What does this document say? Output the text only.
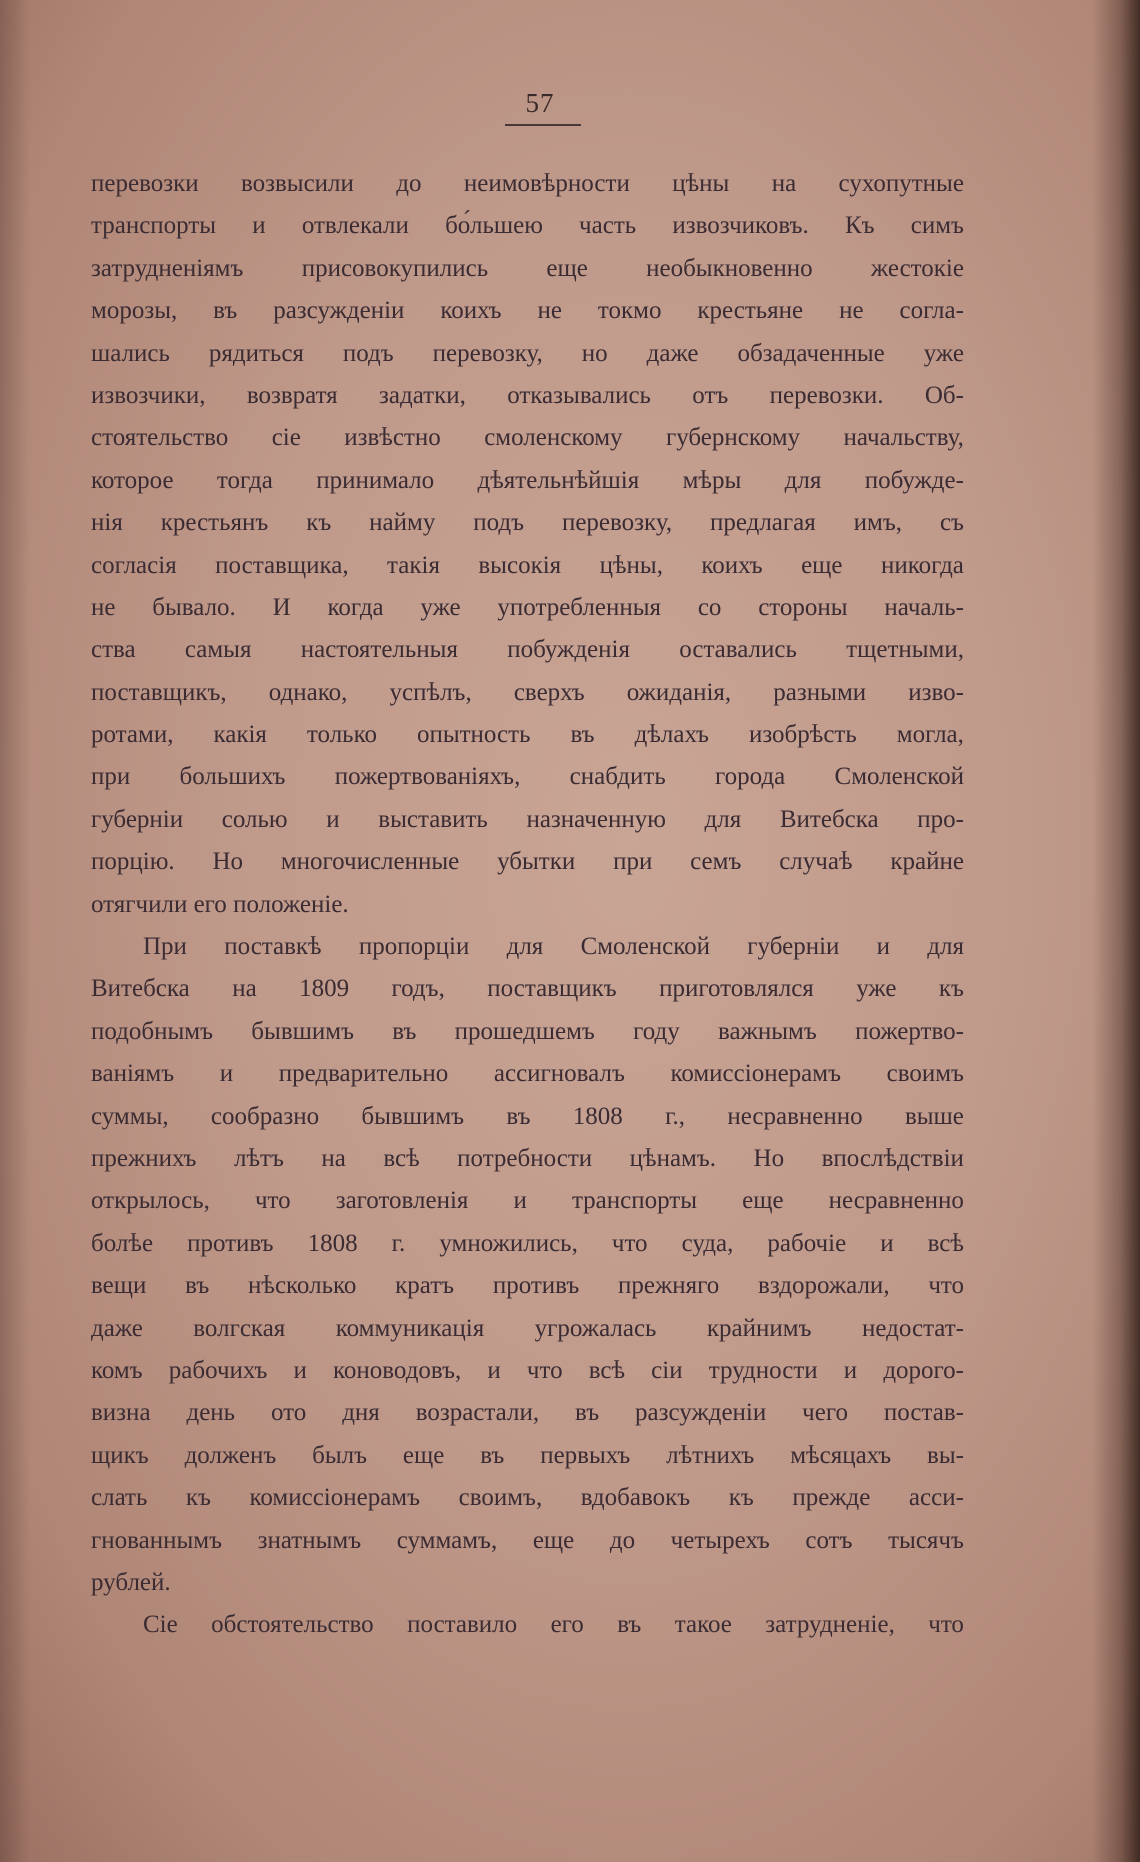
57
перевозки возвысили до неимовѣрности цѣны на сухопутные
транспорты и отвлекали бо́льшею часть извозчиковъ. Къ симъ
затрудненіямъ присовокупились еще необыкновенно жестокіе
морозы, въ разсужденіи коихъ не токмо крестьяне не согла-
шались рядиться подъ перевозку, но даже обзадаченные уже
извозчики, возвратя задатки, отказывались отъ перевозки. Об-
стоятельство сіе извѣстно смоленскому губернскому начальству,
которое тогда принимало дѣятельнѣйшія мѣры для побужде-
нія крестьянъ къ найму подъ перевозку, предлагая имъ, съ
согласія поставщика, такія высокія цѣны, коихъ еще никогда
не бывало. И когда уже употребленныя со стороны началь-
ства самыя настоятельныя побужденія оставались тщетными,
поставщикъ, однако, успѣлъ, сверхъ ожиданія, разными изво-
ротами, какія только опытность въ дѣлахъ изобрѣсть могла,
при большихъ пожертвованіяхъ, снабдить города Смоленской
губерніи солью и выставить назначенную для Витебска про-
порцію. Но многочисленные убытки при семъ случаѣ крайне
отягчили его положеніе.
При поставкѣ пропорціи для Смоленской губерніи и для
Витебска на 1809 годъ, поставщикъ приготовлялся уже къ
подобнымъ бывшимъ въ прошедшемъ году важнымъ пожертво-
ваніямъ и предварительно ассигновалъ комиссіонерамъ своимъ
суммы, сообразно бывшимъ въ 1808 г., несравненно выше
прежнихъ лѣтъ на всѣ потребности цѣнамъ. Но впослѣдствіи
открылось, что заготовленія и транспорты еще несравненно
болѣе противъ 1808 г. умножились, что суда, рабочіе и всѣ
вещи въ нѣсколько кратъ противъ прежняго вздорожали, что
даже волгская коммуникація угрожалась крайнимъ недостат-
комъ рабочихъ и коноводовъ, и что всѣ сіи трудности и дорого-
визна день ото дня возрастали, въ разсужденіи чего постав-
щикъ долженъ былъ еще въ первыхъ лѣтнихъ мѣсяцахъ вы-
слать къ комиссіонерамъ своимъ, вдобавокъ къ прежде асси-
гнованнымъ знатнымъ суммамъ, еще до четырехъ сотъ тысячъ
рублей.
Сіе обстоятельство поставило его въ такое затрудненіе, что
